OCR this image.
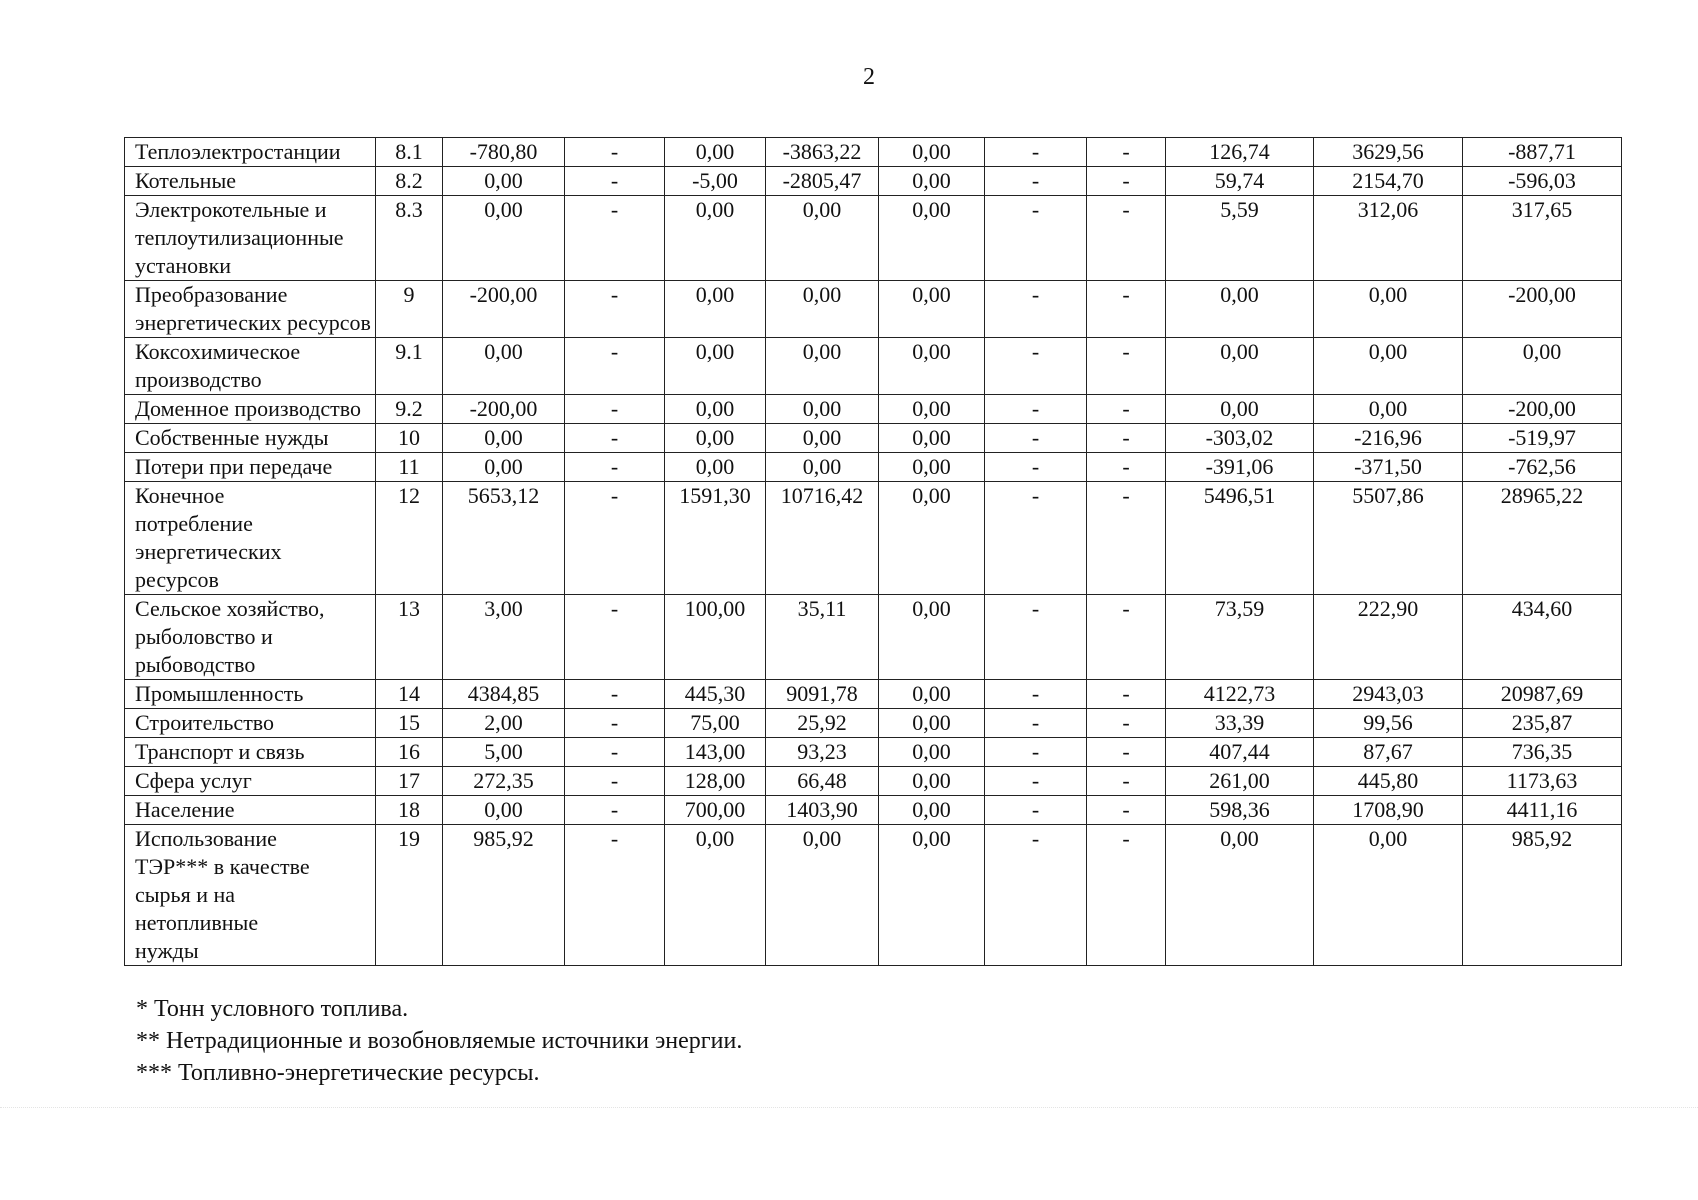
2
Теплоэлектростанции	8.1	-780,80	-	0,00	-3863,22	0,00	-	-	126,74	3629,56	-887,71

Котельные	8.2	0,00	-	-5,00	-2805,47	0,00	-	-	59,74	2154,70	-596,03

Электрокотельные и теплоутилизационные установки	8.3	0,00	-	0,00	0,00	0,00	-	-	5,59	312,06	317,65

Преобразование энергетических ресурсов	9	-200,00	-	0,00	0,00	0,00	-	-	0,00	0,00	-200,00

Коксохимическое производство	9.1	0,00	-	0,00	0,00	0,00	-	-	0,00	0,00	0,00

Доменное производство	9.2	-200,00	-	0,00	0,00	0,00	-	-	0,00	0,00	-200,00

Собственные нужды	10	0,00	-	0,00	0,00	0,00	-	-	-303,02	-216,96	-519,97

Потери при передаче	11	0,00	-	0,00	0,00	0,00	-	-	-391,06	-371,50	-762,56

Конечное потребление энергетических ресурсов	12	5653,12	-	1591,30	10716,42	0,00	-	-	5496,51	5507,86	28965,22

Сельское хозяйство, рыболовство и рыбоводство	13	3,00	-	100,00	35,11	0,00	-	-	73,59	222,90	434,60

Промышленность	14	4384,85	-	445,30	9091,78	0,00	-	-	4122,73	2943,03	20987,69

Строительство	15	2,00	-	75,00	25,92	0,00	-	-	33,39	99,56	235,87

Транспорт и связь	16	5,00	-	143,00	93,23	0,00	-	-	407,44	87,67	736,35

Сфера услуг	17	272,35	-	128,00	66,48	0,00	-	-	261,00	445,80	1173,63

Население	18	0,00	-	700,00	1403,90	0,00	-	-	598,36	1708,90	4411,16

Использование ТЭР*** в качестве сырья и на нетопливные нужды	19	985,92	-	0,00	0,00	0,00	-	-	0,00	0,00	985,92
* Тонн условного топлива.
** Нетрадиционные и возобновляемые источники энергии.
*** Топливно-энергетические ресурсы.
